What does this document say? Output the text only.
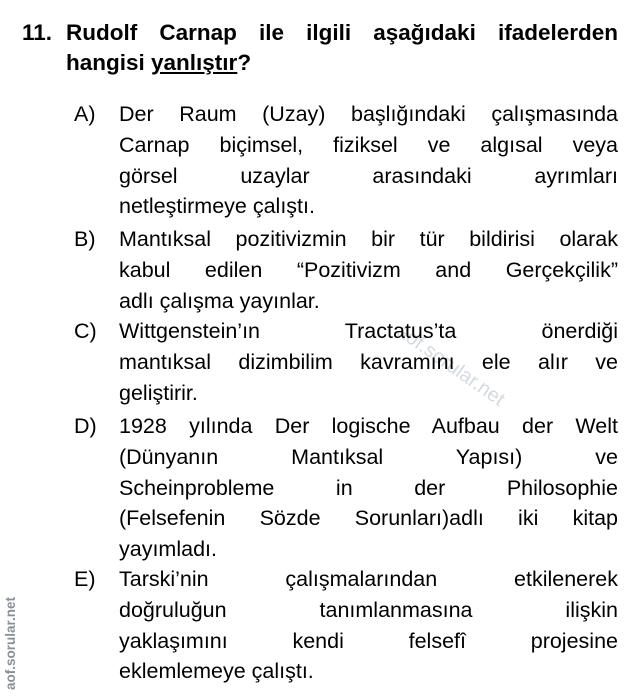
11. Rudolf Carnap ile ilgili aşağıdaki ifadelerden
hangisi yanlıştır?
aof.sorular.net
aof.sorular.net
A) Der Raum (Uzay) başlığındaki çalışmasında
Carnap biçimsel, fiziksel ve algısal veya
görsel uzaylar arasındaki ayrımları
netleştirmeye çalıştı.
B) Mantıksal pozitivizmin bir tür bildirisi olarak
kabul edilen “Pozitivizm and Gerçekçilik”
adlı çalışma yayınlar.
C) Wittgenstein’ın Tractatus’ta önerdiği
mantıksal dizimbilim kavramını ele alır ve
geliştirir.
D) 1928 yılında Der logische Aufbau der Welt
(Dünyanın Mantıksal Yapısı) ve
Scheinprobleme in der Philosophie
(Felsefenin Sözde Sorunları)adlı iki kitap
yayımladı.
E) Tarski’nin çalışmalarından etkilenerek
doğruluğun tanımlanmasına ilişkin
yaklaşımını kendi felsefî projesine
eklemlemeye çalıştı.
